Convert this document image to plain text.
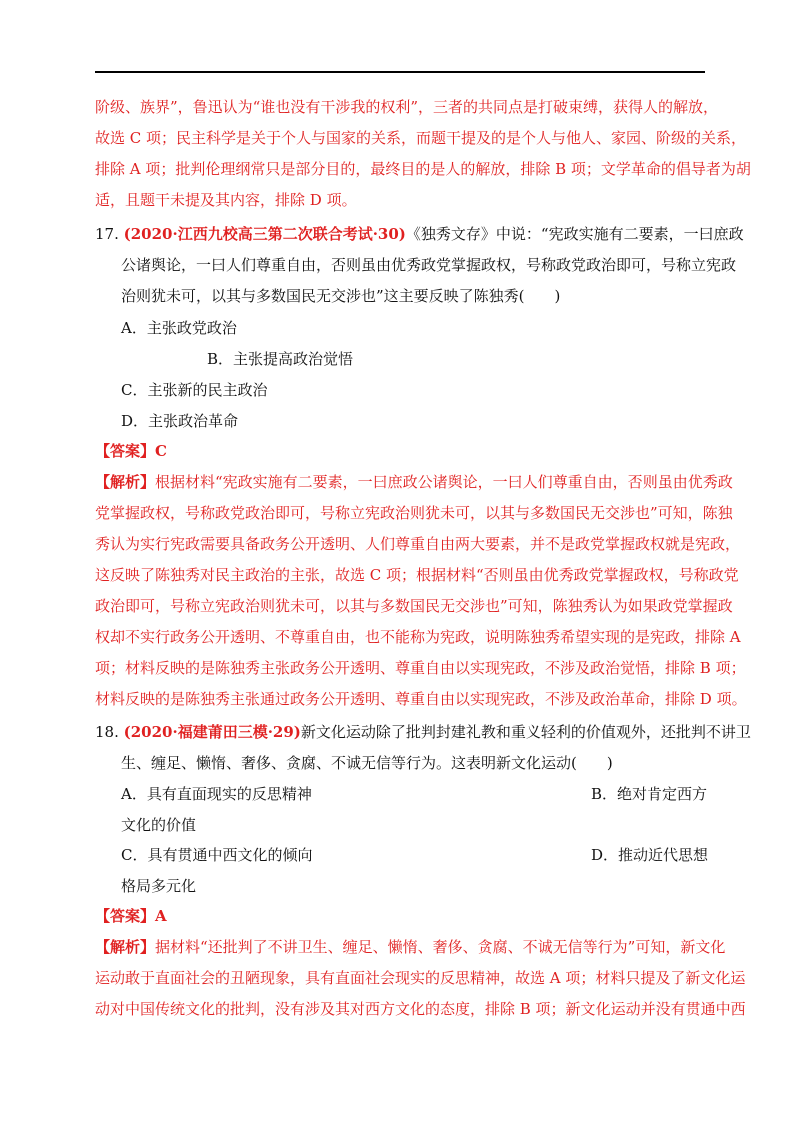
阶级、族界”，鲁迅认为“谁也没有干涉我的权利”，三者的共同点是打破束缚，获得人的解放，
故选 C 项；民主科学是关于个人与国家的关系，而题干提及的是个人与他人、家园、阶级的关系，
排除 A 项；批判伦理纲常只是部分目的，最终目的是人的解放，排除 B 项；文学革命的倡导者为胡
适，且题干未提及其内容，排除 D 项。
17. (2020·江西九校高三第二次联合考试·30)《独秀文存》中说：“宪政实施有二要素，一曰庶政
公诸舆论，一曰人们尊重自由，否则虽由优秀政党掌握政权，号称政党政治即可，号称立宪政
治则犹未可，以其与多数国民无交涉也”这主要反映了陈独秀(　　)
A．主张政党政治
B．主张提高政治觉悟
C．主张新的民主政治
D．主张政治革命
【答案】C
【解析】根据材料“宪政实施有二要素，一曰庶政公诸舆论，一曰人们尊重自由，否则虽由优秀政
党掌握政权，号称政党政治即可，号称立宪政治则犹未可，以其与多数国民无交涉也”可知，陈独
秀认为实行宪政需要具备政务公开透明、人们尊重自由两大要素，并不是政党掌握政权就是宪政，
这反映了陈独秀对民主政治的主张，故选 C 项；根据材料“否则虽由优秀政党掌握政权，号称政党
政治即可，号称立宪政治则犹未可，以其与多数国民无交涉也”可知，陈独秀认为如果政党掌握政
权却不实行政务公开透明、不尊重自由，也不能称为宪政，说明陈独秀希望实现的是宪政，排除 A
项；材料反映的是陈独秀主张政务公开透明、尊重自由以实现宪政，不涉及政治觉悟，排除 B 项；
材料反映的是陈独秀主张通过政务公开透明、尊重自由以实现宪政，不涉及政治革命，排除 D 项。
18. (2020·福建莆田三模·29)新文化运动除了批判封建礼教和重义轻利的价值观外，还批判不讲卫
生、缠足、懒惰、奢侈、贪腐、不诚无信等行为。这表明新文化运动(　　)
A．具有直面现实的反思精神	B．绝对肯定西方
文化的价值
C．具有贯通中西文化的倾向	D．推动近代思想
格局多元化
【答案】A
【解析】据材料“还批判了不讲卫生、缠足、懒惰、奢侈、贪腐、不诚无信等行为”可知，新文化
运动敢于直面社会的丑陋现象，具有直面社会现实的反思精神，故选 A 项；材料只提及了新文化运
动对中国传统文化的批判，没有涉及其对西方文化的态度，排除 B 项；新文化运动并没有贯通中西
